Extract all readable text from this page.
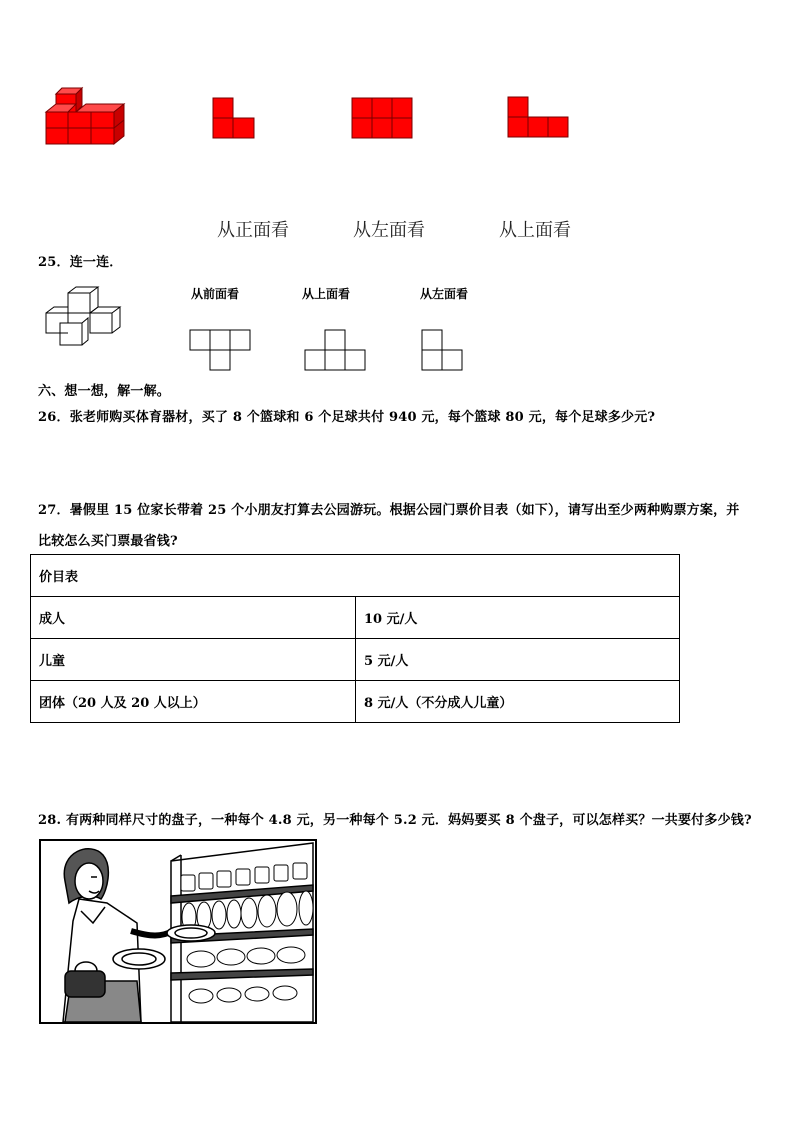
从正面看	从左面看	从上面看
25．连一连．
从前面看	从上面看	从左面看
六、想一想，解一解。
26．张老师购买体育器材，买了 8 个篮球和 6 个足球共付 940 元，每个篮球 80 元，每个足球多少元?
27．暑假里 15 位家长带着 25 个小朋友打算去公园游玩。根据公园门票价目表（如下），请写出至少两种购票方案，并
比较怎么买门票最省钱?
价目表	
成人	10 元/人
儿童	5 元/人
团体（20 人及 20 人以上）	8 元/人（不分成人儿童）
28. 有两种同样尺寸的盘子，一种每个 4.8 元，另一种每个 5.2 元．妈妈要买 8 个盘子，可以怎样买？一共要付多少钱?
